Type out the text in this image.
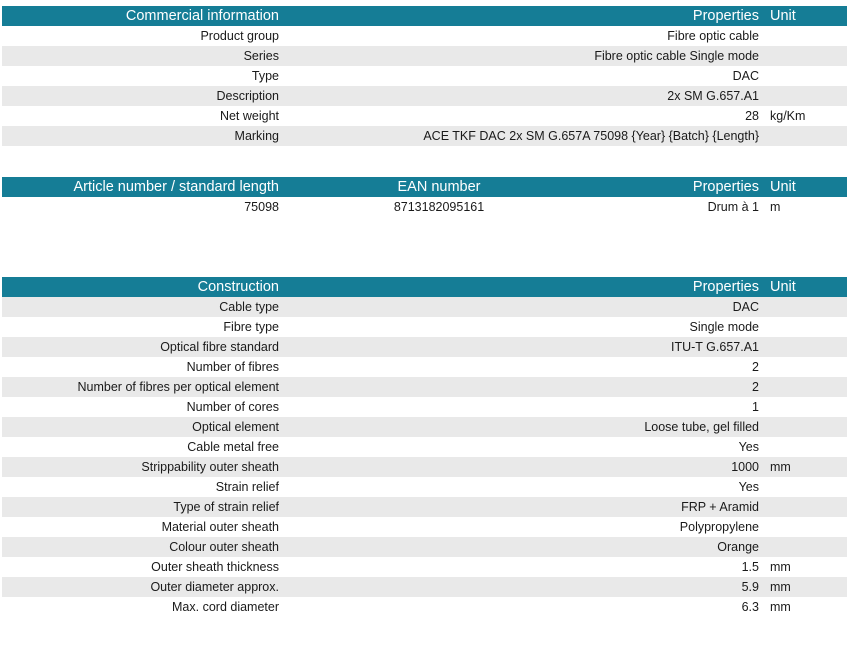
Commercial information	Properties Unit
Product group	Fibre optic cable
Series	Fibre optic cable Single mode
Type	DAC
Description	2x SM G.657.A1
Net weight	28 kg/Km
Marking	ACE TKF DAC 2x SM G.657A 75098 {Year} {Batch} {Length}
Article number / standard length	EAN number	Properties Unit
75098	8713182095161	Drum à 1 m
Construction	Properties Unit
Cable type	DAC
Fibre type	Single mode
Optical fibre standard	ITU-T G.657.A1
Number of fibres	2
Number of fibres per optical element	2
Number of cores	1
Optical element	Loose tube, gel filled
Cable metal free	Yes
Strippability outer sheath	1000 mm
Strain relief	Yes
Type of strain relief	FRP + Aramid
Material outer sheath	Polypropylene
Colour outer sheath	Orange
Outer sheath thickness	1.5 mm
Outer diameter approx.	5.9 mm
Max. cord diameter	6.3 mm
